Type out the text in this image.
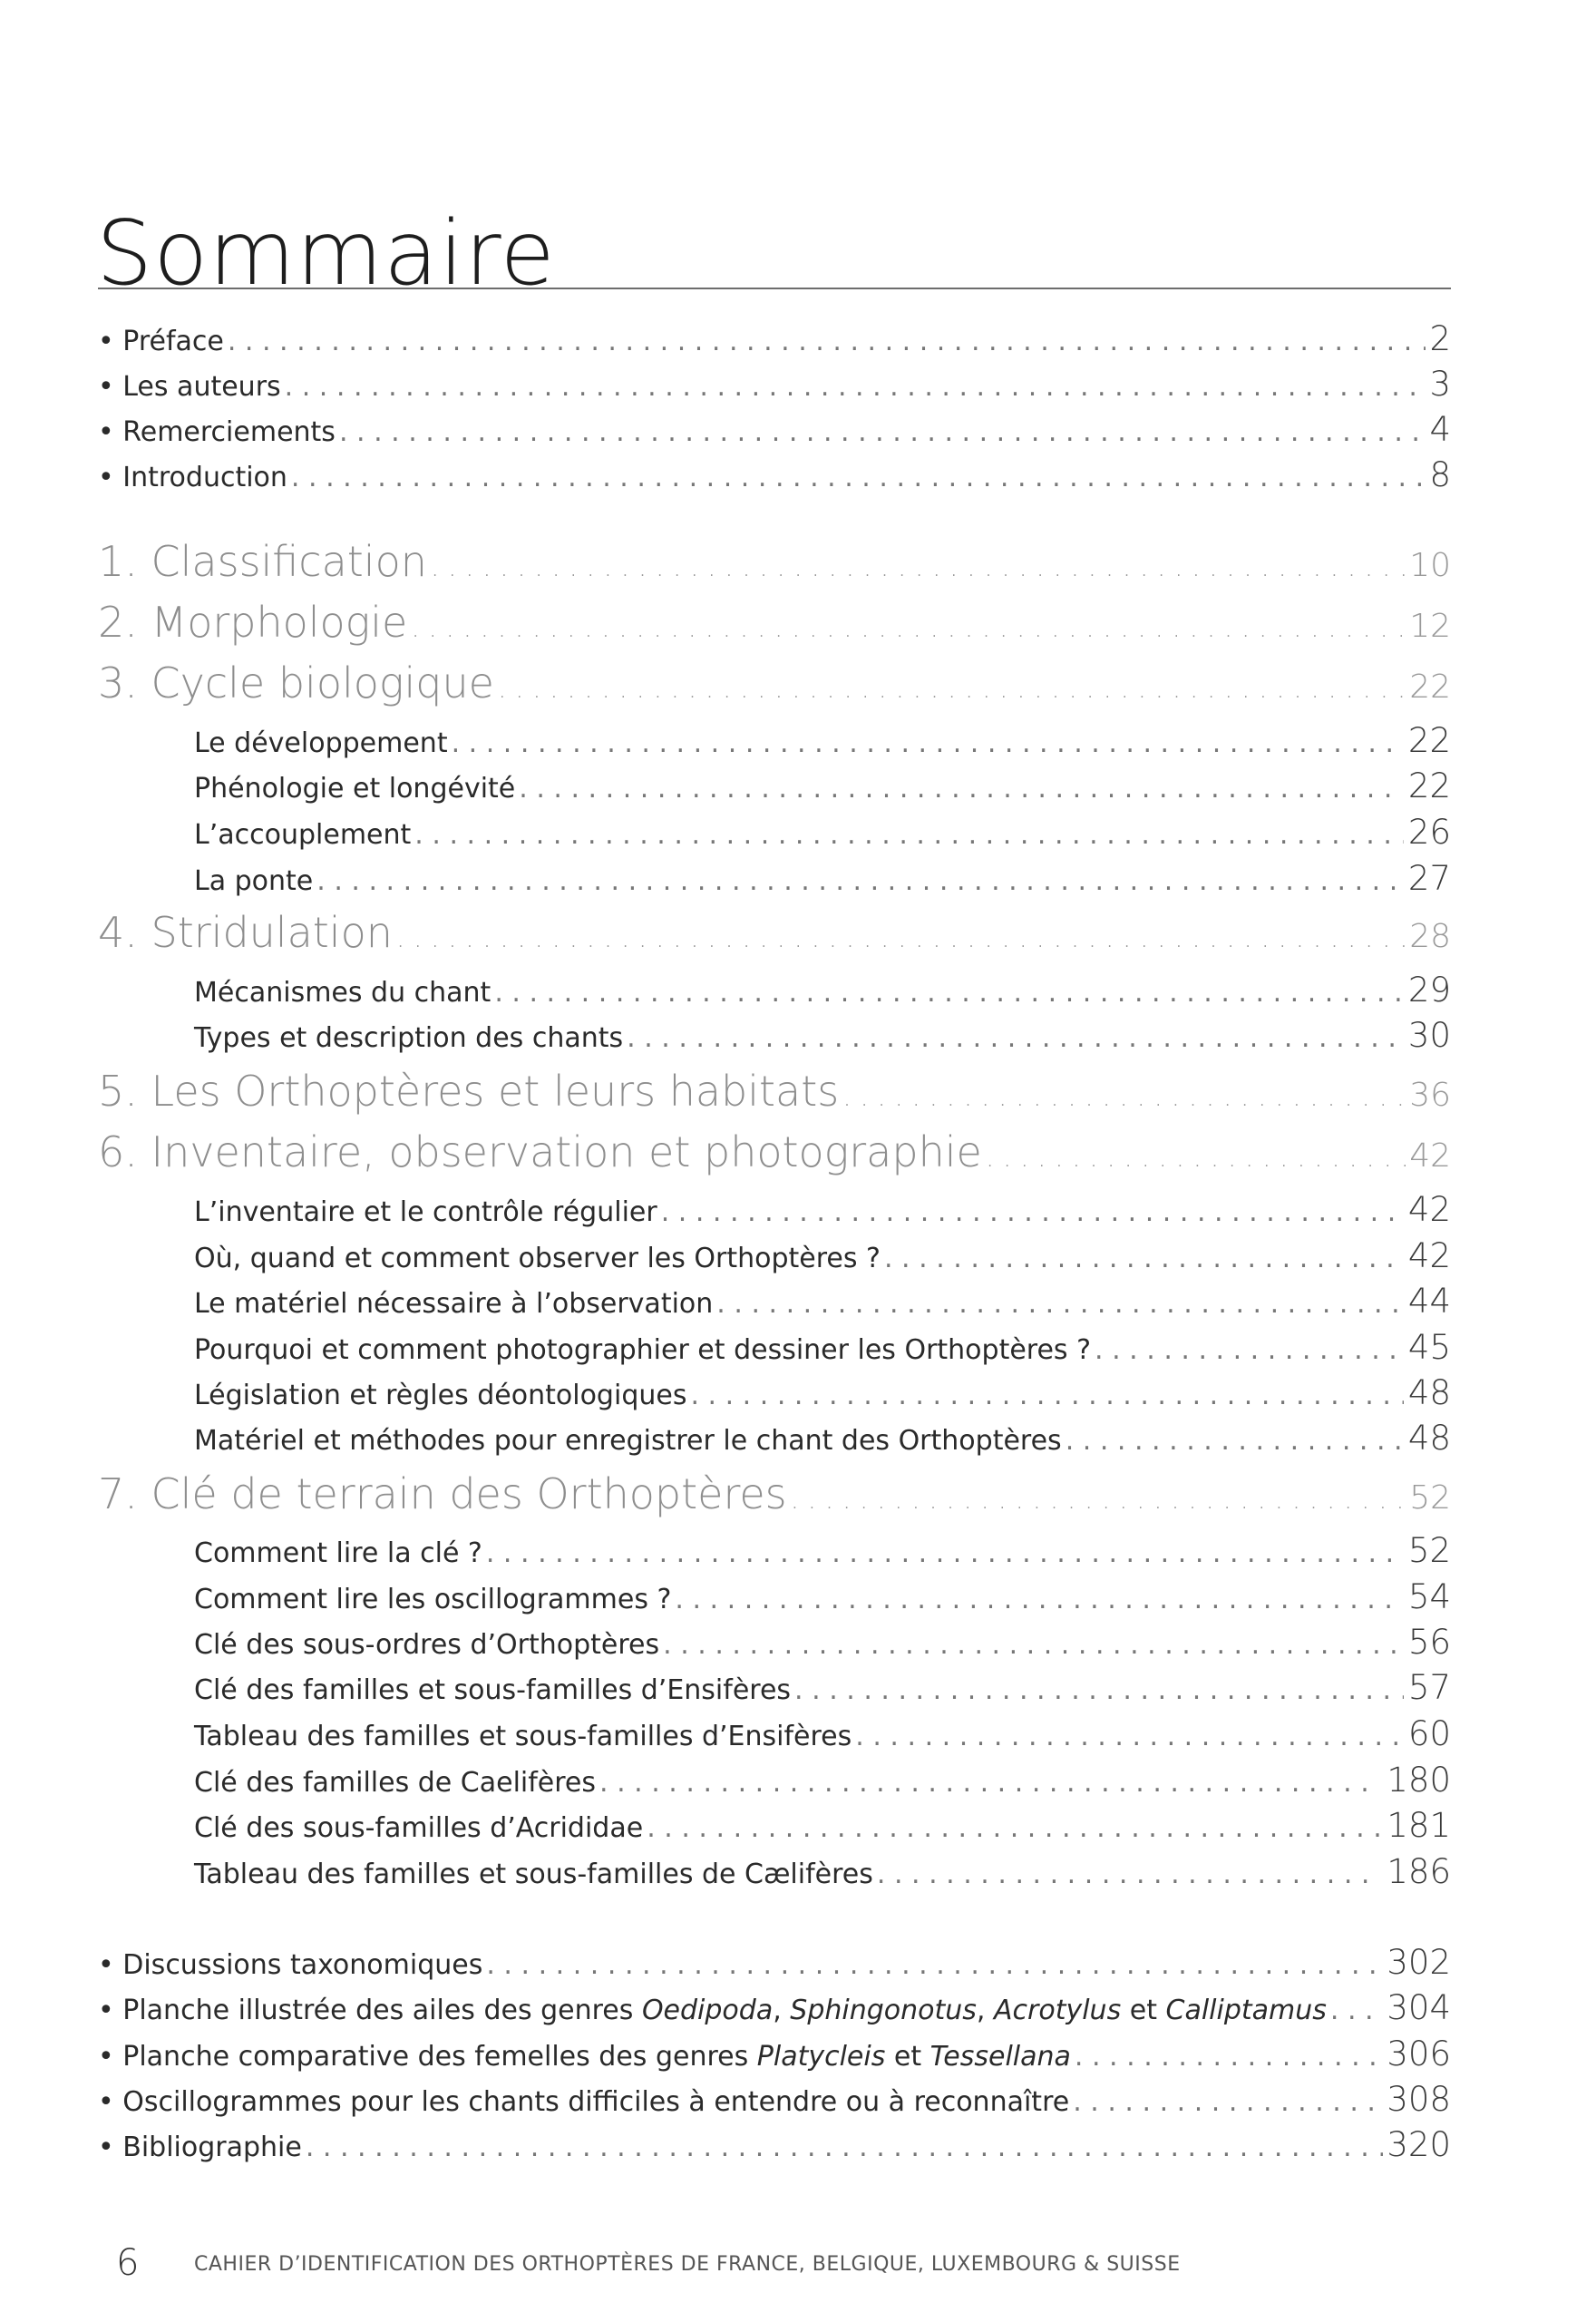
Sommaire
• Préface . . .	2
• Les auteurs . . .	3
• Remerciements . . .	4
• Introduction . . .	8
1. Classification . . .	10
2. Morphologie . . .	12
3. Cycle biologique . . .	22
Le développement . . .	22
Phénologie et longévité . . .	22
L’accouplement . . .	26
La ponte . . .	27
4. Stridulation . . .	28
Mécanismes du chant . . .	29
Types et description des chants . . .	30
5. Les Orthoptères et leurs habitats . . .	36
6. Inventaire, observation et photographie . . .	42
L’inventaire et le contrôle régulier . . .	42
Où, quand et comment observer les Orthoptères ? . . .	42
Le matériel nécessaire à l’observation . . .	44
Pourquoi et comment photographier et dessiner les Orthoptères ? . . .	45
Législation et règles déontologiques . . .	48
Matériel et méthodes pour enregistrer le chant des Orthoptères . . .	48
7. Clé de terrain des Orthoptères . . .	52
Comment lire la clé ? . . .	52
Comment lire les oscillogrammes ? . . .	54
Clé des sous-ordres d’Orthoptères . . .	56
Clé des familles et sous-familles d’Ensifères . . .	57
Tableau des familles et sous-familles d’Ensifères . . .	60
Clé des familles de Caelifères . . .	180
Clé des sous-familles d’Acrididae . . .	181
Tableau des familles et sous-familles de Cælifères . . .	186
• Discussions taxonomiques . . .	302
• Planche illustrée des ailes des genres Oedipoda, Sphingonotus, Acrotylus et Calliptamus . . . 304
• Planche comparative des femelles des genres Platycleis et Tessellana . . .	306
• Oscillogrammes pour les chants difficiles à entendre ou à reconnaître . . .	308
• Bibliographie . . .	320
6	CAHIER D’IDENTIFICATION DES ORTHOPTÈRES DE FRANCE, BELGIQUE, LUXEMBOURG & SUISSE
